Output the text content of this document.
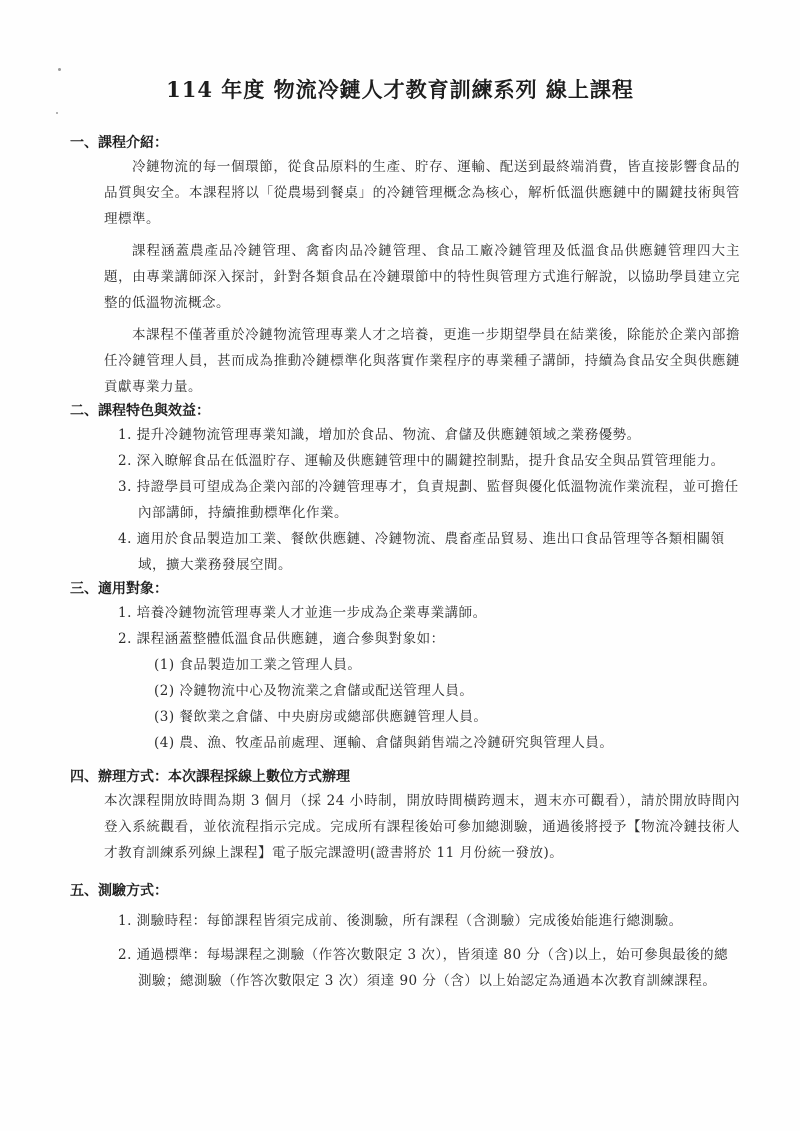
114 年度 物流冷鏈人才教育訓練系列 線上課程

一、課程介紹：

冷鏈物流的每一個環節，從食品原料的生產、貯存、運輸、配送到最終端消費，皆直接影響食品的品質與安全。本課程將以「從農場到餐桌」的冷鏈管理概念為核心，解析低溫供應鏈中的關鍵技術與管理標準。

課程涵蓋農產品冷鏈管理、禽畜肉品冷鏈管理、食品工廠冷鏈管理及低溫食品供應鏈管理四大主題，由專業講師深入探討，針對各類食品在冷鏈環節中的特性與管理方式進行解說，以協助學員建立完整的低溫物流概念。

本課程不僅著重於冷鏈物流管理專業人才之培養，更進一步期望學員在結業後，除能於企業內部擔任冷鏈管理人員，甚而成為推動冷鏈標準化與落實作業程序的專業種子講師，持續為食品安全與供應鏈貢獻專業力量。

二、課程特色與效益：

1. 提升冷鏈物流管理專業知識，增加於食品、物流、倉儲及供應鏈領域之業務優勢。
2. 深入瞭解食品在低溫貯存、運輸及供應鏈管理中的關鍵控制點，提升食品安全與品質管理能力。
3. 持證學員可望成為企業內部的冷鏈管理專才，負責規劃、監督與優化低溫物流作業流程，並可擔任內部講師，持續推動標準化作業。
4. 適用於食品製造加工業、餐飲供應鏈、冷鏈物流、農畜產品貿易、進出口食品管理等各類相關領域，擴大業務發展空間。

三、適用對象：

1. 培養冷鏈物流管理專業人才並進一步成為企業專業講師。
2. 課程涵蓋整體低溫食品供應鏈，適合參與對象如：
(1) 食品製造加工業之管理人員。
(2) 冷鏈物流中心及物流業之倉儲或配送管理人員。
(3) 餐飲業之倉儲、中央廚房或總部供應鏈管理人員。
(4) 農、漁、牧產品前處理、運輸、倉儲與銷售端之冷鏈研究與管理人員。

四、辦理方式：本次課程採線上數位方式辦理

本次課程開放時間為期 3 個月（採 24 小時制，開放時間橫跨週末，週末亦可觀看），請於開放時間內登入系統觀看，並依流程指示完成。完成所有課程後始可參加總測驗，通過後將授予【物流冷鏈技術人才教育訓練系列線上課程】電子版完課證明(證書將於 11 月份統一發放)。

五、測驗方式：

1. 測驗時程：每節課程皆須完成前、後測驗，所有課程（含測驗）完成後始能進行總測驗。
2. 通過標準：每場課程之測驗（作答次數限定 3 次），皆須達 80 分（含)以上，始可參與最後的總測驗；總測驗（作答次數限定 3 次）須達 90 分（含）以上始認定為通過本次教育訓練課程。
